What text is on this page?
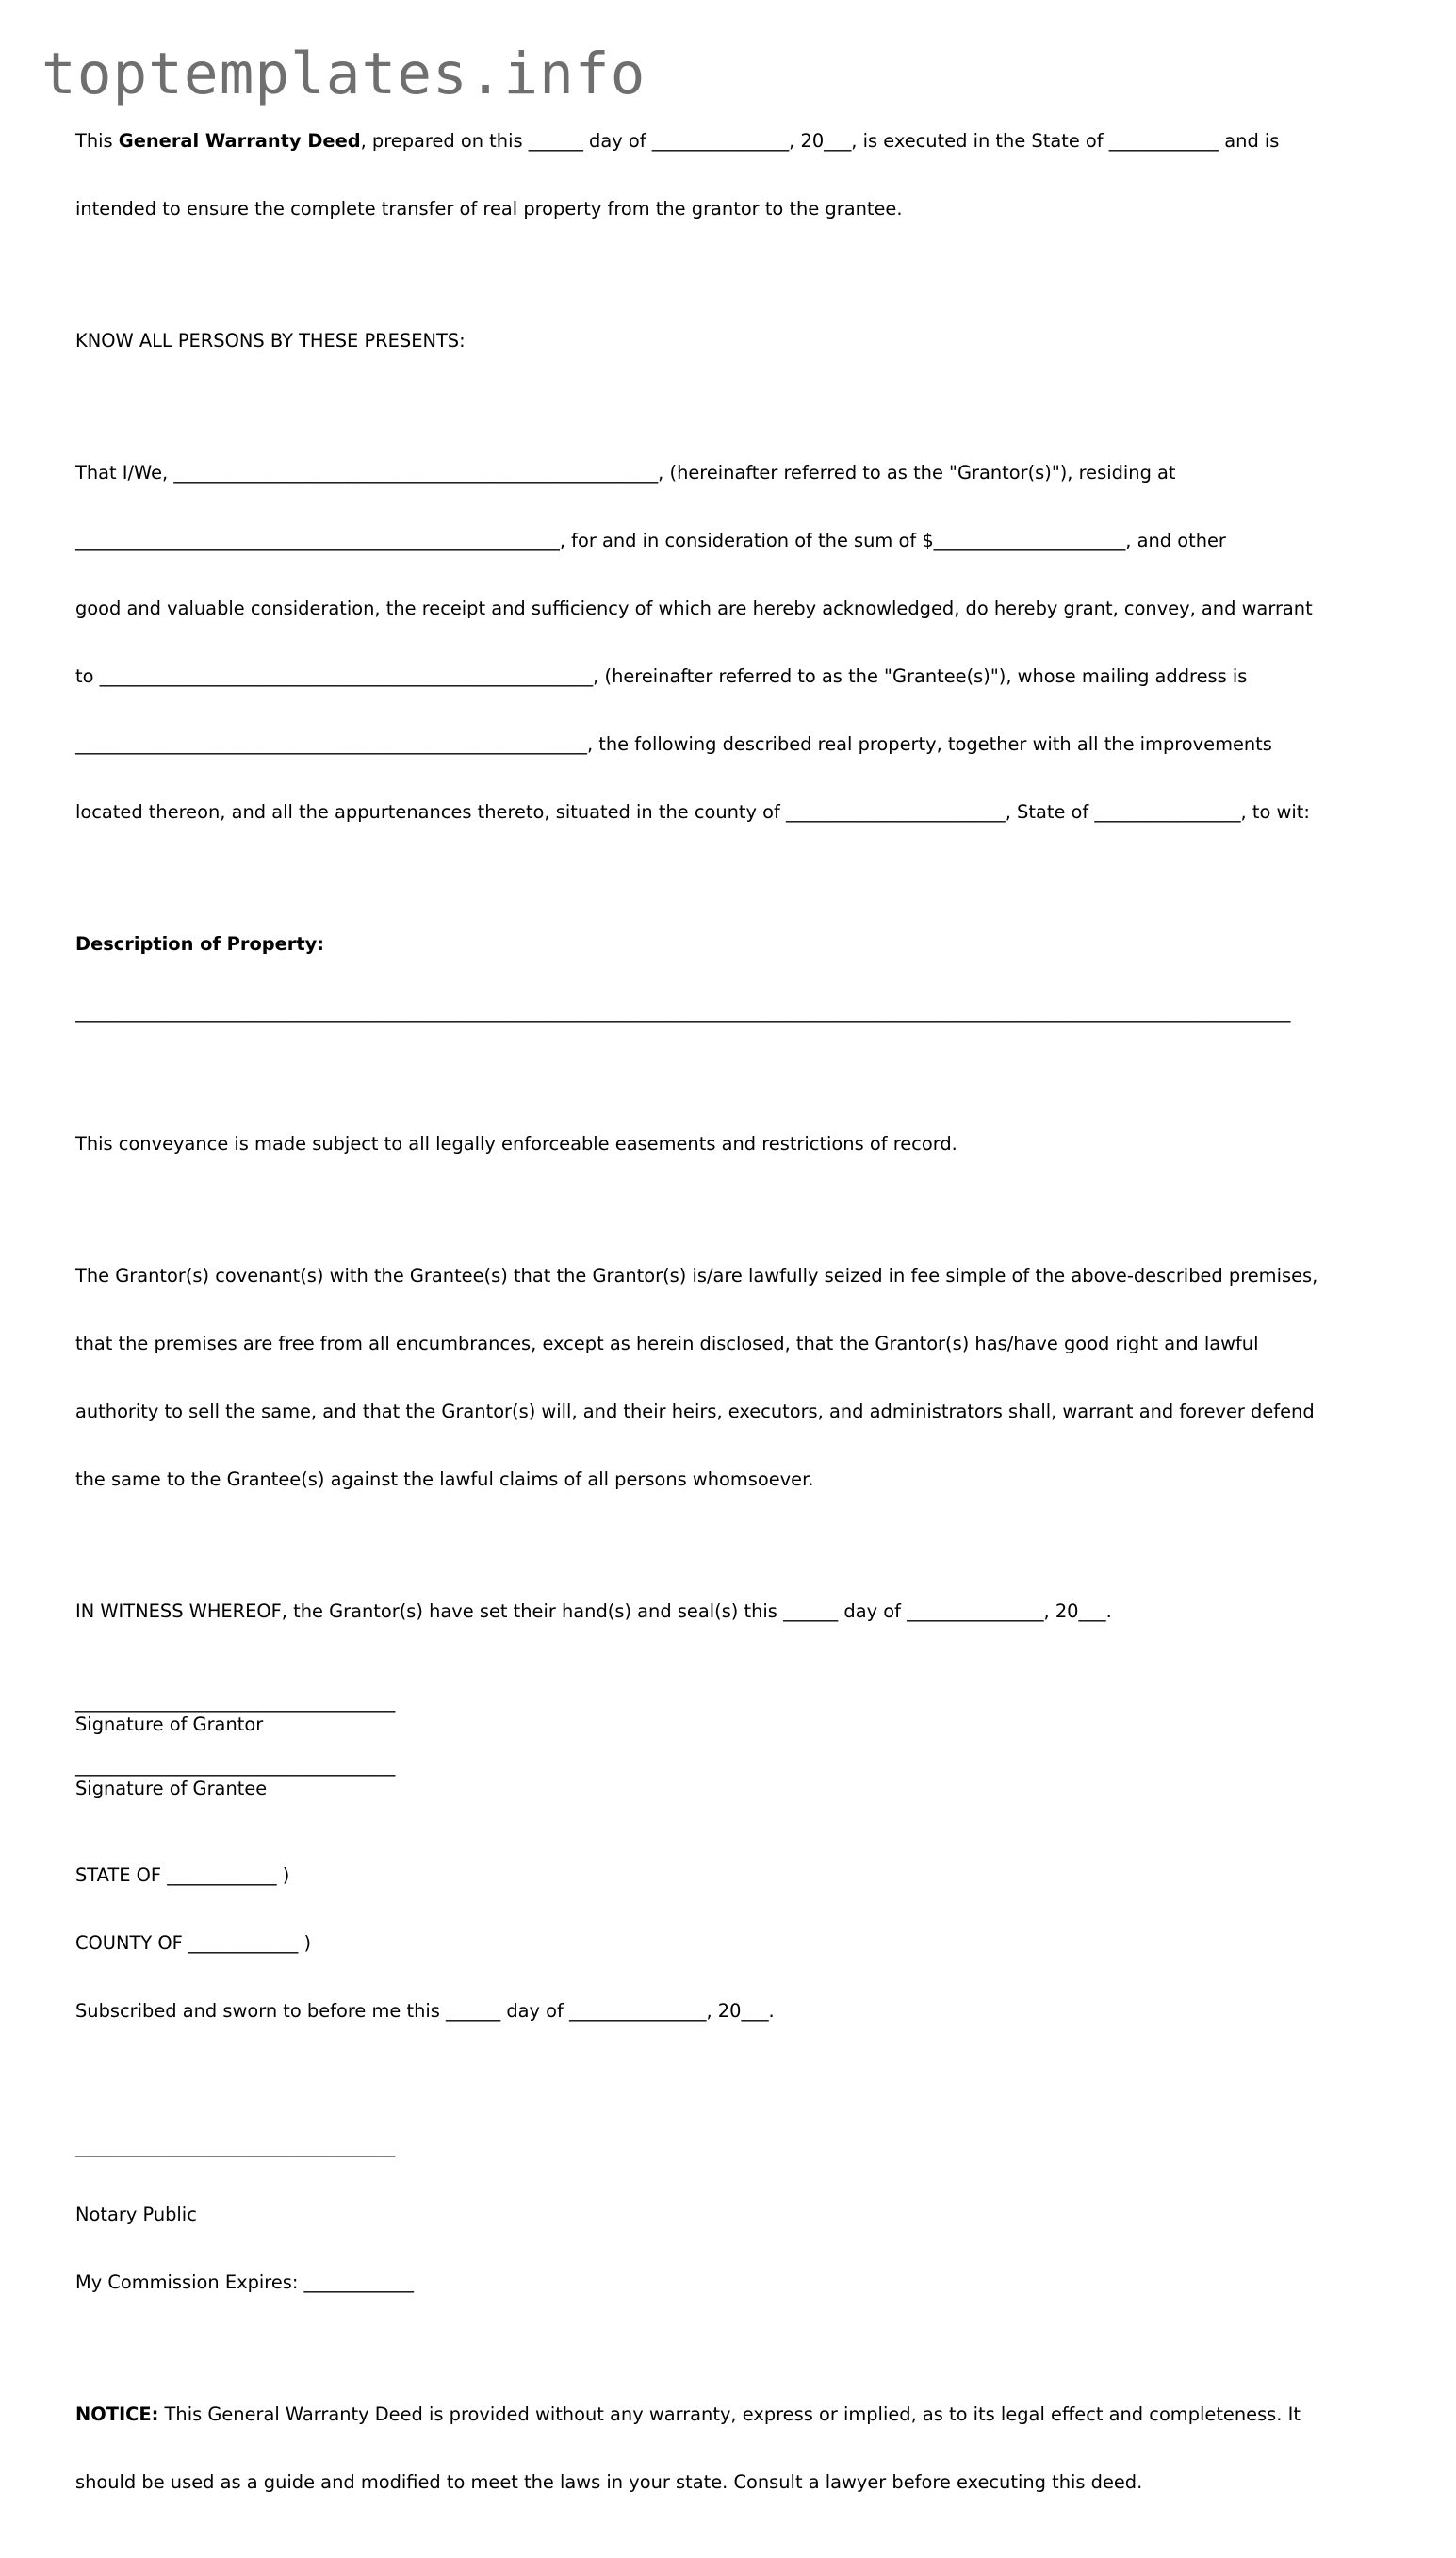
toptemplates.info

This General Warranty Deed, prepared on this ______ day of _______________, 20___, is executed in the State of ____________ and is

intended to ensure the complete transfer of real property from the grantor to the grantee.

KNOW ALL PERSONS BY THESE PRESENTS:

That I/We, _____________________________________________________, (hereinafter referred to as the "Grantor(s)"), residing at

_____________________________________________________, for and in consideration of the sum of $_____________________, and other

good and valuable consideration, the receipt and sufficiency of which are hereby acknowledged, do hereby grant, convey, and warrant

to ______________________________________________________, (hereinafter referred to as the "Grantee(s)"), whose mailing address is

________________________________________________________, the following described real property, together with all the improvements

located thereon, and all the appurtenances thereto, situated in the county of ________________________, State of ________________, to wit:

Description of Property:

_____________________________________________________________________________________________________________________________________

This conveyance is made subject to all legally enforceable easements and restrictions of record.

The Grantor(s) covenant(s) with the Grantee(s) that the Grantor(s) is/are lawfully seized in fee simple of the above-described premises,

that the premises are free from all encumbrances, except as herein disclosed, that the Grantor(s) has/have good right and lawful

authority to sell the same, and that the Grantor(s) will, and their heirs, executors, and administrators shall, warrant and forever defend

the same to the Grantee(s) against the lawful claims of all persons whomsoever.

IN WITNESS WHEREOF, the Grantor(s) have set their hand(s) and seal(s) this ______ day of _______________, 20___.

___________________________________
Signature of Grantor
___________________________________
Signature of Grantee

STATE OF ____________ )

COUNTY OF ____________ )

Subscribed and sworn to before me this ______ day of _______________, 20___.

___________________________________

Notary Public

My Commission Expires: ____________

NOTICE: This General Warranty Deed is provided without any warranty, express or implied, as to its legal effect and completeness. It

should be used as a guide and modified to meet the laws in your state. Consult a lawyer before executing this deed.
